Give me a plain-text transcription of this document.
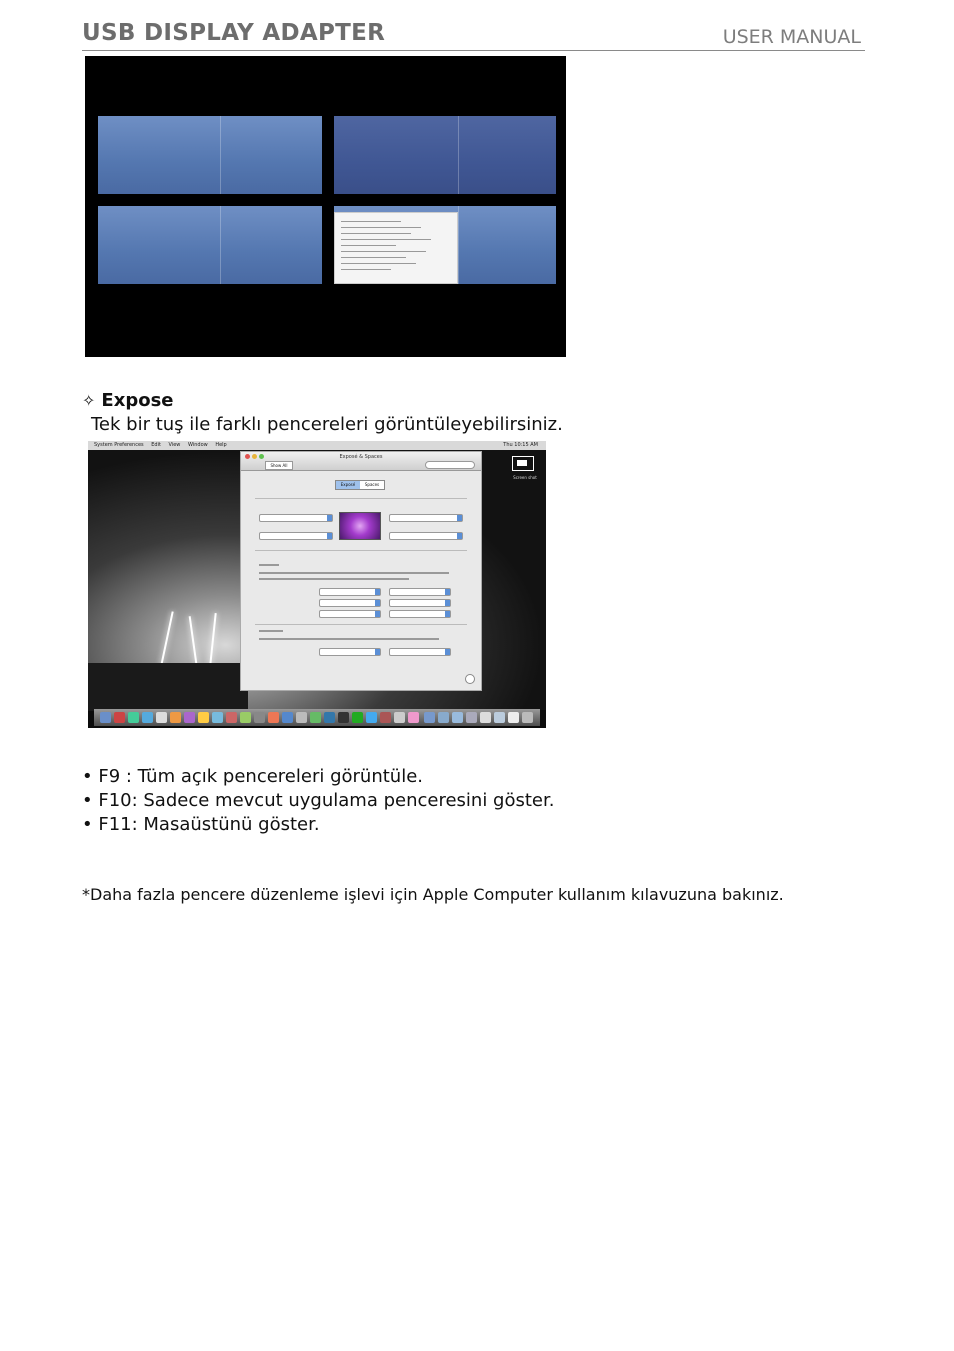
USB DISPLAY ADAPTER	USER MANUAL
✧ Expose
Tek bir tuş ile farklı pencereleri görüntüleyebilirsiniz.
System Preferences Edit View Window Help	Thu 10:15 AM
Screen shot
Exposé & Spaces
Show All
Exposé Spaces
• F9 : Tüm açık pencereleri görüntüle.
• F10: Sadece mevcut uygulama penceresini göster.
• F11: Masaüstünü göster.
*Daha fazla pencere düzenleme işlevi için Apple Computer kullanım kılavuzuna bakınız.
